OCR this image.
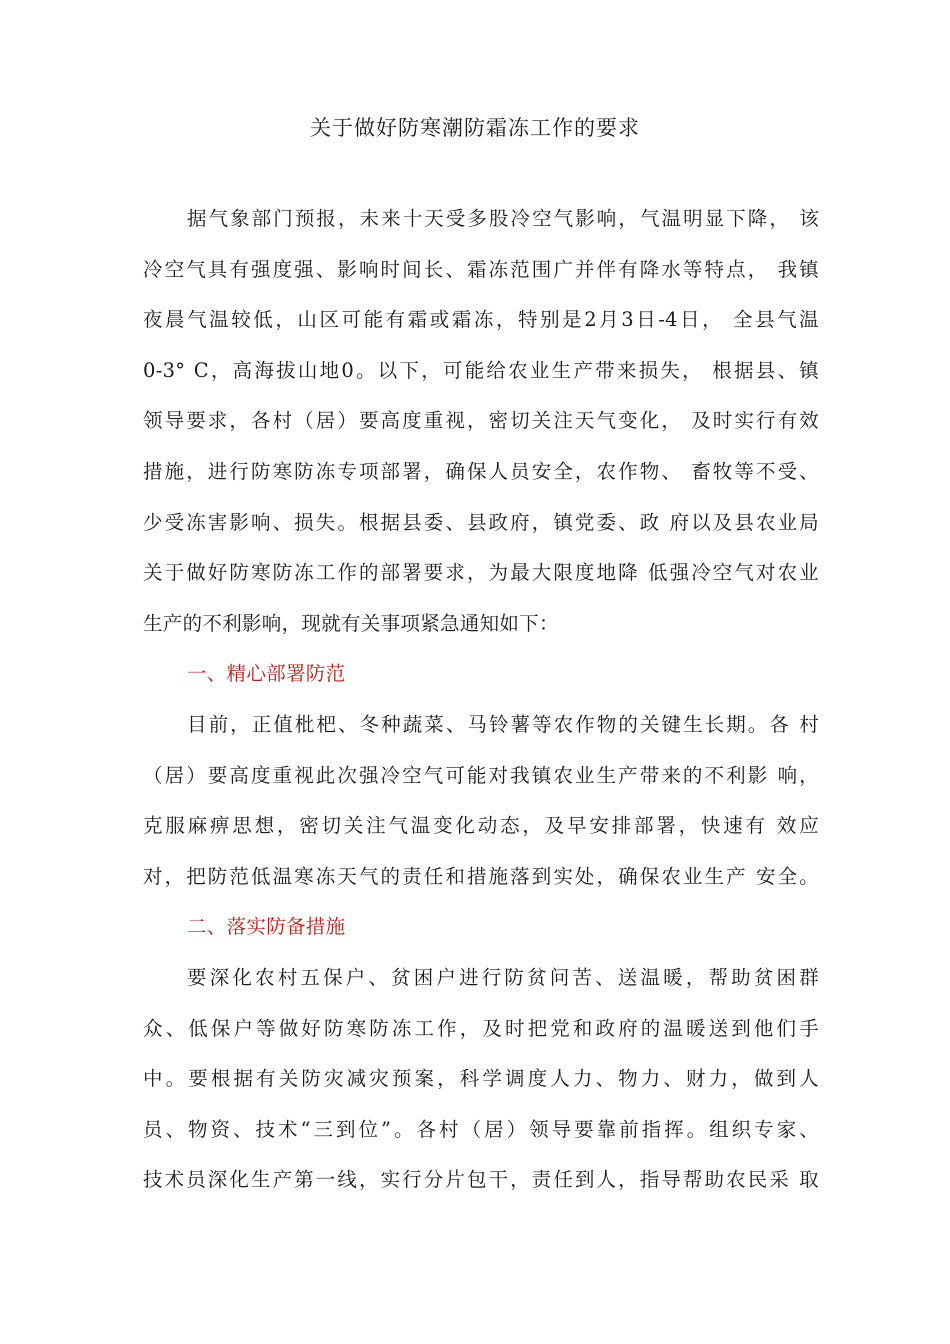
关于做好防寒潮防霜冻工作的要求
据气象部门预报，未来十天受多股冷空气影响，气温明显下降， 该
冷空气具有强度强、影响时间长、霜冻范围广并伴有降水等特点， 我镇
夜晨气温较低，山区可能有霜或霜冻，特别是2月3日-4日， 全县气温
0-3° C，高海拔山地0。以下，可能给农业生产带来损失， 根据县、镇
领导要求，各村（居）要高度重视，密切关注天气变化， 及时实行有效
措施，进行防寒防冻专项部署，确保人员安全，农作物、 畜牧等不受、
少受冻害影响、损失。根据县委、县政府，镇党委、政 府以及县农业局
关于做好防寒防冻工作的部署要求，为最大限度地降 低强冷空气对农业
生产的不利影响，现就有关事项紧急通知如下：
一、精心部署防范
目前，正值枇杷、冬种蔬菜、马铃薯等农作物的关键生长期。各 村
（居）要高度重视此次强冷空气可能对我镇农业生产带来的不利影 响，
克服麻痹思想，密切关注气温变化动态，及早安排部署，快速有 效应
对，把防范低温寒冻天气的责任和措施落到实处，确保农业生产 安全。
二、落实防备措施
要深化农村五保户、贫困户进行防贫问苦、送温暖，帮助贫困群
众、低保户等做好防寒防冻工作，及时把党和政府的温暖送到他们手
中。要根据有关防灾减灾预案，科学调度人力、物力、财力，做到人
员、物资、技术“三到位”。各村（居）领导要靠前指挥。组织专家、
技术员深化生产第一线，实行分片包干，责任到人，指导帮助农民采 取
